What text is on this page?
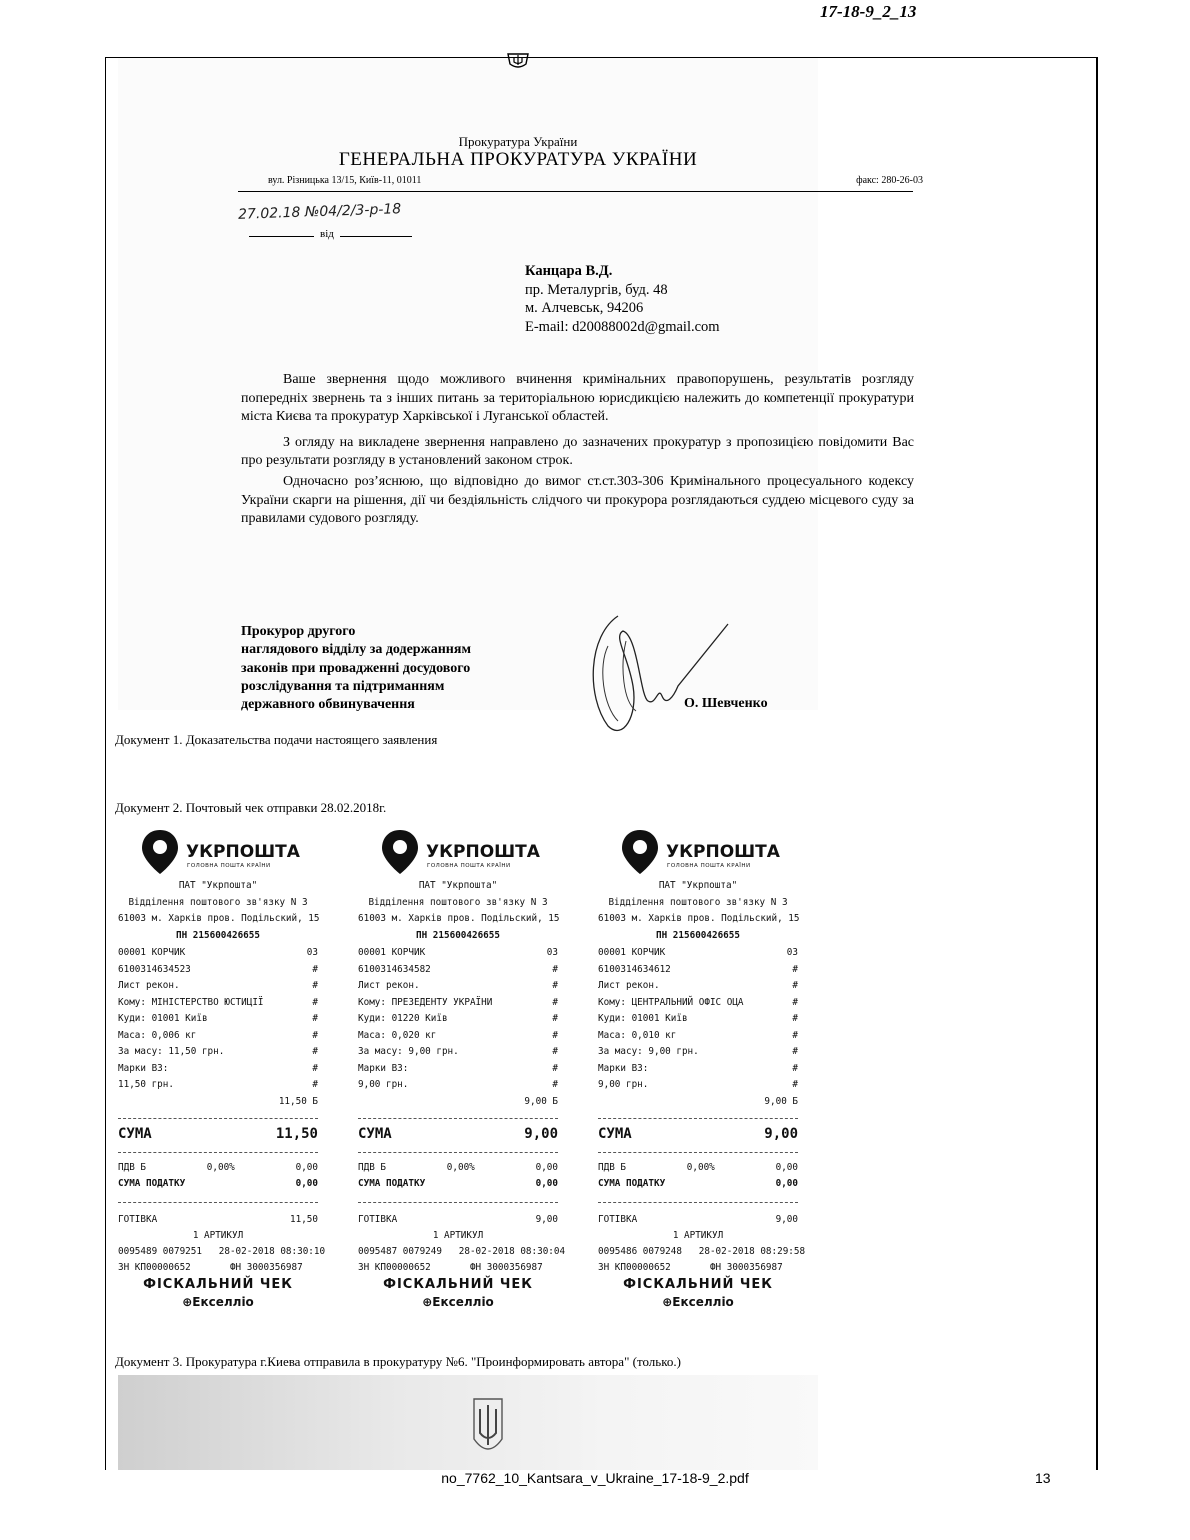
17-18-9_2_13
Прокуратура України
ГЕНЕРАЛЬНА ПРОКУРАТУРА УКРАЇНИ
вул. Різницька 13/15, Київ-11, 01011	факс: 280-26-03
27.02.18 №04/2/3-р-18
від
Канцара В.Д.
пр. Металургів, буд. 48
м. Алчевськ, 94206
E-mail: d20088002d@gmail.com

Ваше звернення щодо можливого вчинення кримінальних правопорушень, результатів розгляду попередніх звернень та з інших питань за територіальною юрисдикцією належить до компетенції прокуратури міста Києва та прокуратур Харківської і Луганської областей.

З огляду на викладене звернення направлено до зазначених прокуратур з пропозицією повідомити Вас про результати розгляду в установлений законом строк.

Одночасно роз’яснюю, що відповідно до вимог ст.ст.303-306 Кримінального процесуального кодексу України скарги на рішення, дії чи бездіяльність слідчого чи прокурора розглядаються суддею місцевого суду за правилами судового розгляду.

Прокурор другого
наглядового відділу за додержанням
законів при провадженні досудового
розслідування та підтриманням
державного обвинувачення	О. Шевченко
Документ 1. Доказательства подачи настоящего заявления
Документ 2. Почтовый чек отправки 28.02.2018г.
УКРПОШТА
ГОЛОВНА ПОШТА КРАЇНИ
ПАТ "Укрпошта"
Відділення поштового зв'язку N 3
61003 м. Харків пров. Подільский, 15
ПН 215600426655
00001 КОРЧИК	03
6100314634523	#
Лист рекон.	#
Кому: МІНІСТЕРСТВО ЮСТИЦІЇ	#
Куди: 01001 Київ	#
Маса: 0,006 кг	#
За масу: 11,50 грн.	#
Марки ВЗ:	#
11,50 грн.	#
11,50 Б
СУМА	11,50
ПДВ Б	0,00%	0,00
СУМА ПОДАТКУ	0,00
ГОТІВКА	11,50
1 АРТИКУЛ
0095489 0079251   28-02-2018 08:30:10
ЗН КП00000652       ФН 3000356987
ФІСКАЛЬНИЙ ЧЕК
⊕Екселліо
УКРПОШТА
ГОЛОВНА ПОШТА КРАЇНИ
ПАТ "Укрпошта"
Відділення поштового зв'язку N 3
61003 м. Харків пров. Подільский, 15
ПН 215600426655
00001 КОРЧИК	03
6100314634582	#
Лист рекон.	#
Кому: ПРЕЗЕДЕНТУ УКРАЇНИ	#
Куди: 01220 Київ	#
Маса: 0,020 кг	#
За масу: 9,00 грн.	#
Марки ВЗ:	#
9,00 грн.	#
9,00 Б
СУМА	9,00
ПДВ Б	0,00%	0,00
СУМА ПОДАТКУ	0,00
ГОТІВКА	9,00
1 АРТИКУЛ
0095487 0079249   28-02-2018 08:30:04
ЗН КП00000652       ФН 3000356987
ФІСКАЛЬНИЙ ЧЕК
⊕Екселліо
УКРПОШТА
ГОЛОВНА ПОШТА КРАЇНИ
ПАТ "Укрпошта"
Відділення поштового зв'язку N 3
61003 м. Харків пров. Подільский, 15
ПН 215600426655
00001 КОРЧИК	03
6100314634612	#
Лист рекон.	#
Кому: ЦЕНТРАЛЬНИЙ ОФІС ОЦА	#
Куди: 01001 Київ	#
Маса: 0,010 кг	#
За масу: 9,00 грн.	#
Марки ВЗ:	#
9,00 грн.	#
9,00 Б
СУМА	9,00
ПДВ Б	0,00%	0,00
СУМА ПОДАТКУ	0,00
ГОТІВКА	9,00
1 АРТИКУЛ
0095486 0079248   28-02-2018 08:29:58
ЗН КП00000652       ФН 3000356987
ФІСКАЛЬНИЙ ЧЕК
⊕Екселліо
Документ 3. Прокуратура г.Киева отправила в прокуратуру №6. "Проинформировать автора" (только.)
no_7762_10_Kantsara_v_Ukraine_17-18-9_2.pdf	13
